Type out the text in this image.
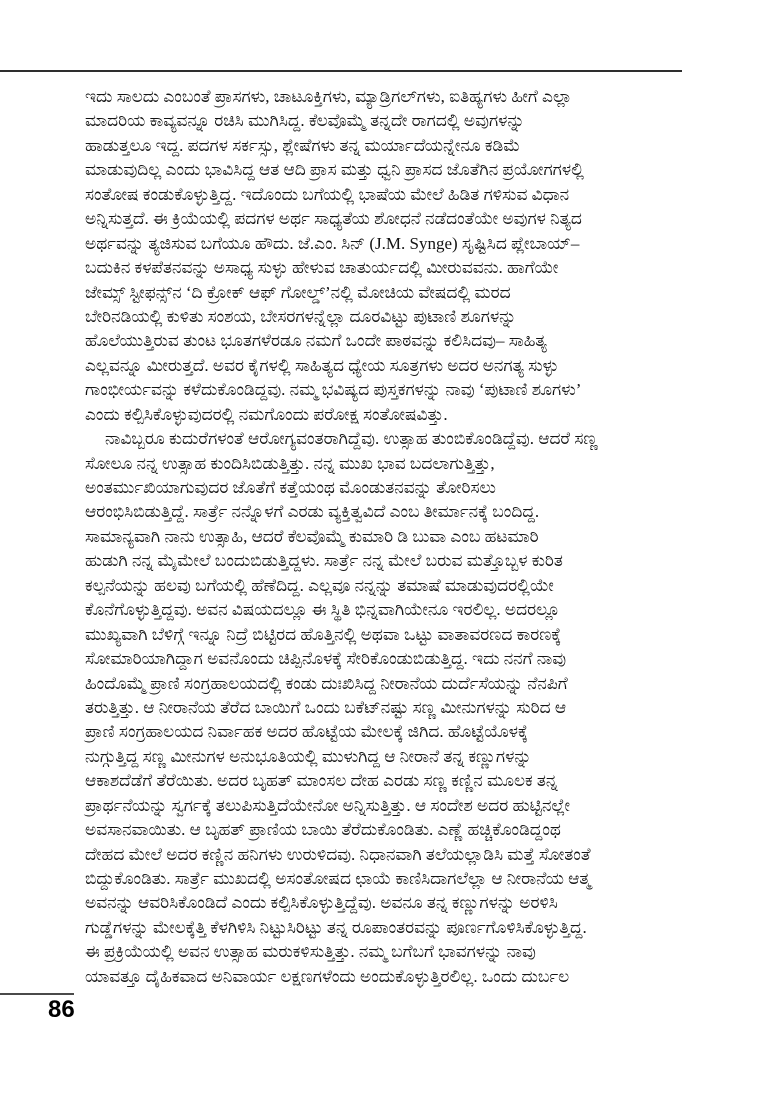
ಇದು ಸಾಲದು ಎಂಬಂತೆ ಪ್ರಾಸಗಳು, ಚಾಟೂಕ್ತಿಗಳು, ಮ್ಯಾಡ್ರಿಗಲ್‌ಗಳು, ಐತಿಹ್ಯಗಳು ಹೀಗೆ ಎಲ್ಲಾ
ಮಾದರಿಯ ಕಾವ್ಯವನ್ನೂ ರಚಿಸಿ ಮುಗಿಸಿದ್ದ. ಕೆಲವೊಮ್ಮೆ ತನ್ನದೇ ರಾಗದಲ್ಲಿ ಅವುಗಳನ್ನು
ಹಾಡುತ್ತಲೂ ಇದ್ದ. ಪದಗಳ ಸರ್ಕಸ್ಸು, ಶ್ಲೇಷೆಗಳು ತನ್ನ ಮರ್ಯಾದೆಯನ್ನೇನೂ ಕಡಿಮೆ
ಮಾಡುವುದಿಲ್ಲ ಎಂದು ಭಾವಿಸಿದ್ದ ಆತ ಆದಿ ಪ್ರಾಸ ಮತ್ತು ಧ್ವನಿ ಪ್ರಾಸದ ಜೊತೆಗಿನ ಪ್ರಯೋಗಗಳಲ್ಲಿ
ಸಂತೋಷ ಕಂಡುಕೊಳ್ಳುತ್ತಿದ್ದ. ಇದೊಂದು ಬಗೆಯಲ್ಲಿ ಭಾಷೆಯ ಮೇಲೆ ಹಿಡಿತ ಗಳಿಸುವ ವಿಧಾನ
ಅನ್ನಿಸುತ್ತದೆ. ಈ ಕ್ರಿಯೆಯಲ್ಲಿ ಪದಗಳ ಅರ್ಥ ಸಾಧ್ಯತೆಯ ಶೋಧನೆ ನಡೆದಂತೆಯೇ ಅವುಗಳ ನಿತ್ಯದ
ಅರ್ಥವನ್ನು ತ್ಯಜಿಸುವ ಬಗೆಯೂ ಹೌದು. ಜೆ.ಎಂ. ಸಿನ್ (J.M. Synge) ಸೃಷ್ಟಿಸಿದ ಪ್ಲೇಬಾಯ್–
ಬದುಕಿನ ಕಳಪೆತನವನ್ನು ಅಸಾಧ್ಯ ಸುಳ್ಳು ಹೇಳುವ ಚಾತುರ್ಯದಲ್ಲಿ ಮೀರುವವನು. ಹಾಗೆಯೇ
ಜೇಮ್ಸ್ ಸ್ಟೀಫನ್ಸ್‌ನ ‘ದಿ ಕ್ರೋಕ್ ಆಫ್ ಗೋಲ್ಡ್’ನಲ್ಲಿ ಮೋಚಿಯ ವೇಷದಲ್ಲಿ ಮರದ
ಬೇರಿನಡಿಯಲ್ಲಿ ಕುಳಿತು ಸಂಶಯ, ಬೇಸರಗಳನ್ನೆಲ್ಲಾ ದೂರವಿಟ್ಟು ಪುಟಾಣಿ ಶೂಗಳನ್ನು
ಹೊಲೆಯುತ್ತಿರುವ ತುಂಟ ಭೂತಗಳೆರಡೂ ನಮಗೆ ಒಂದೇ ಪಾಠವನ್ನು ಕಲಿಸಿದವು– ಸಾಹಿತ್ಯ
ಎಲ್ಲವನ್ನೂ ಮೀರುತ್ತದೆ. ಅವರ ಕೈಗಳಲ್ಲಿ ಸಾಹಿತ್ಯದ ಧ್ಯೇಯ ಸೂತ್ರಗಳು ಅದರ ಅನಗತ್ಯ ಸುಳ್ಳು
ಗಾಂಭೀರ್ಯವನ್ನು ಕಳೆದುಕೊಂಡಿದ್ದವು. ನಮ್ಮ ಭವಿಷ್ಯದ ಪುಸ್ತಕಗಳನ್ನು ನಾವು ‘ಪುಟಾಣಿ ಶೂಗಳು’
ಎಂದು ಕಲ್ಪಿಸಿಕೊಳ್ಳುವುದರಲ್ಲಿ ನಮಗೊಂದು ಪರೋಕ್ಷ ಸಂತೋಷವಿತ್ತು.
ನಾವಿಬ್ಬರೂ ಕುದುರೆಗಳಂತೆ ಆರೋಗ್ಯವಂತರಾಗಿದ್ದೆವು. ಉತ್ಸಾಹ ತುಂಬಿಕೊಂಡಿದ್ದೆವು. ಆದರೆ ಸಣ್ಣ
ಸೋಲೂ ನನ್ನ ಉತ್ಸಾಹ ಕುಂದಿಸಿಬಿಡುತ್ತಿತ್ತು. ನನ್ನ ಮುಖ ಭಾವ ಬದಲಾಗುತ್ತಿತ್ತು,
ಅಂತರ್ಮುಖಿಯಾಗುವುದರ ಜೊತೆಗೆ ಕತ್ತೆಯಂಥ ಮೊಂಡುತನವನ್ನು ತೋರಿಸಲು
ಆರಂಭಿಸಿಬಿಡುತ್ತಿದ್ದೆ. ಸಾರ್ತ್ರೆ ನನ್ನೊಳಗೆ ಎರಡು ವ್ಯಕ್ತಿತ್ವವಿದೆ ಎಂಬ ತೀರ್ಮಾನಕ್ಕೆ ಬಂದಿದ್ದ.
ಸಾಮಾನ್ಯವಾಗಿ ನಾನು ಉತ್ಸಾಹಿ, ಆದರೆ ಕೆಲವೊಮ್ಮೆ ಕುಮಾರಿ ಡಿ ಬುವಾ ಎಂಬ ಹಟಮಾರಿ
ಹುಡುಗಿ ನನ್ನ ಮೈಮೇಲೆ ಬಂದುಬಿಡುತ್ತಿದ್ದಳು. ಸಾರ್ತ್ರೆ ನನ್ನ ಮೇಲೆ ಬರುವ ಮತ್ತೊಬ್ಬಳ ಕುರಿತ
ಕಲ್ಪನೆಯನ್ನು ಹಲವು ಬಗೆಯಲ್ಲಿ ಹೆಣೆದಿದ್ದ. ಎಲ್ಲವೂ ನನ್ನನ್ನು ತಮಾಷೆ ಮಾಡುವುದರಲ್ಲಿಯೇ
ಕೊನೆಗೊಳ್ಳುತ್ತಿದ್ದವು. ಅವನ ವಿಷಯದಲ್ಲೂ ಈ ಸ್ಥಿತಿ ಭಿನ್ನವಾಗಿಯೇನೂ ಇರಲಿಲ್ಲ. ಅದರಲ್ಲೂ
ಮುಖ್ಯವಾಗಿ ಬೆಳಿಗ್ಗೆ ಇನ್ನೂ ನಿದ್ರೆ ಬಿಟ್ಟಿರದ ಹೊತ್ತಿನಲ್ಲಿ ಅಥವಾ ಒಟ್ಟು ವಾತಾವರಣದ ಕಾರಣಕ್ಕೆ
ಸೋಮಾರಿಯಾಗಿದ್ದಾಗ ಅವನೊಂದು ಚಿಪ್ಪಿನೊಳಕ್ಕೆ ಸೇರಿಕೊಂಡುಬಿಡುತ್ತಿದ್ದ. ಇದು ನನಗೆ ನಾವು
ಹಿಂದೊಮ್ಮೆ ಪ್ರಾಣಿ ಸಂಗ್ರಹಾಲಯದಲ್ಲಿ ಕಂಡು ದುಃಖಿಸಿದ್ದ ನೀರಾನೆಯ ದುರ್ದೆಸೆಯನ್ನು ನೆನಪಿಗೆ
ತರುತ್ತಿತ್ತು. ಆ ನೀರಾನೆಯ ತೆರೆದ ಬಾಯಿಗೆ ಒಂದು ಬಕೆಟ್‌ನಷ್ಟು ಸಣ್ಣ ಮೀನುಗಳನ್ನು ಸುರಿದ ಆ
ಪ್ರಾಣಿ ಸಂಗ್ರಹಾಲಯದ ನಿರ್ವಾಹಕ ಅದರ ಹೊಟ್ಟೆಯ ಮೇಲಕ್ಕೆ ಜಿಗಿದ. ಹೊಟ್ಟೆಯೊಳಕ್ಕೆ
ನುಗ್ಗುತ್ತಿದ್ದ ಸಣ್ಣ ಮೀನುಗಳ ಅನುಭೂತಿಯಲ್ಲಿ ಮುಳುಗಿದ್ದ ಆ ನೀರಾನೆ ತನ್ನ ಕಣ್ಣುಗಳನ್ನು
ಆಕಾಶದೆಡೆಗೆ ತೆರೆಯಿತು. ಅದರ ಬೃಹತ್ ಮಾಂಸಲ ದೇಹ ಎರಡು ಸಣ್ಣ ಕಣ್ಣಿನ ಮೂಲಕ ತನ್ನ
ಪ್ರಾರ್ಥನೆಯನ್ನು ಸ್ವರ್ಗಕ್ಕೆ ತಲುಪಿಸುತ್ತಿದೆಯೇನೋ ಅನ್ನಿಸುತ್ತಿತ್ತು. ಆ ಸಂದೇಶ ಅದರ ಹುಟ್ಟಿನಲ್ಲೇ
ಅವಸಾನವಾಯಿತು. ಆ ಬೃಹತ್ ಪ್ರಾಣಿಯ ಬಾಯಿ ತೆರೆದುಕೊಂಡಿತು. ಎಣ್ಣೆ ಹಚ್ಚಿಕೊಂಡಿದ್ದಂಥ
ದೇಹದ ಮೇಲೆ ಅದರ ಕಣ್ಣಿನ ಹನಿಗಳು ಉರುಳಿದವು. ನಿಧಾನವಾಗಿ ತಲೆಯಲ್ಲಾಡಿಸಿ ಮತ್ತೆ ಸೋತಂತೆ
ಬಿದ್ದುಕೊಂಡಿತು. ಸಾರ್ತ್ರೆ ಮುಖದಲ್ಲಿ ಅಸಂತೋಷದ ಛಾಯೆ ಕಾಣಿಸಿದಾಗಲೆಲ್ಲಾ ಆ ನೀರಾನೆಯ ಆತ್ಮ
ಅವನನ್ನು ಆವರಿಸಿಕೊಂಡಿದೆ ಎಂದು ಕಲ್ಪಿಸಿಕೊಳ್ಳುತ್ತಿದ್ದೆವು. ಅವನೂ ತನ್ನ ಕಣ್ಣುಗಳನ್ನು ಅರಳಿಸಿ
ಗುಡ್ಡೆಗಳನ್ನು ಮೇಲಕ್ಕೆತ್ತಿ ಕೆಳಗಿಳಿಸಿ ನಿಟ್ಟುಸಿರಿಟ್ಟು ತನ್ನ ರೂಪಾಂತರವನ್ನು ಪೂರ್ಣಗೊಳಿಸಿಕೊಳ್ಳುತ್ತಿದ್ದ.
ಈ ಪ್ರಕ್ರಿಯೆಯಲ್ಲಿ ಅವನ ಉತ್ಸಾಹ ಮರುಕಳಿಸುತ್ತಿತ್ತು. ನಮ್ಮ ಬಗೆಬಗೆ ಭಾವಗಳನ್ನು ನಾವು
ಯಾವತ್ತೂ ದೈಹಿಕವಾದ ಅನಿವಾರ್ಯ ಲಕ್ಷಣಗಳೆಂದು ಅಂದುಕೊಳ್ಳುತ್ತಿರಲಿಲ್ಲ. ಒಂದು ದುರ್ಬಲ
86
